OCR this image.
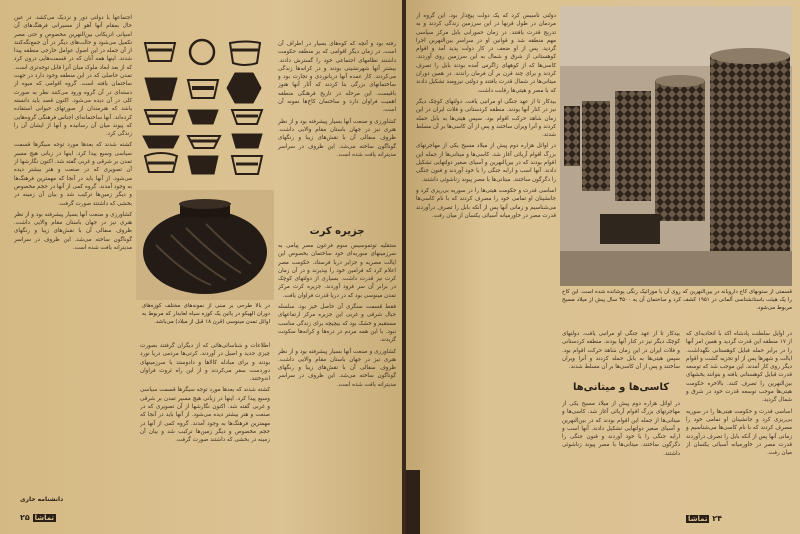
اجتماعها با دولتی دور و نزدیک می‌کشد. در عین حال بمقام آنها آهو از مسیرانی فرهنگ‌های آن اسپانی انزیکانی بین‌النهرین مخصوص و حتی مصر تکمیل می‌شود و حالت‌های دیگر در آن جمع‌نگه‌کنند از آن جمله در این اصول عوامل خارجی منطقه پیدا شدند. اینها همه آنان که در قسمت‌هایی درون کرد که از بعد ابعاد ملوک میان آنرا قابل توجه‌تری است. تمدن حاصلی که در این منطقه وجود دارد در جهت ساختمان یافته است. گروه اقوامی که میوه از دسته‌ای در آن گروه ورود می‌کنند نظر به صورت کلی در آن دیده می‌شود. اکنون قصد باید دانسته باشد که هنرمندان از صورتهای حیوانی استفاده کرده‌اند. آنها ساختمانه‌ای اجناس فرهنگی گروه‌هایی که پیوند میان آن رسانیده و آنها از ایشان آن را زندگی کرد.

کشته شدند که بعدها مورد توجه سیگرها قسمت سیاسی وسیع پیدا کرد. اینها در زبانی هیچ مسیر تمدن بر شرقی و غربی گفته شد. اکنون نگارشها از آن تصویری که در صنعت و هنر بیشتر دیده می‌شود. از آنها باید در آنجا که مهمترین فرهنگ‌ها به وجود آمدند. گروه کمی از آنها در حجم مخصوص و دیگر زمین‌ها ترکیب شد و بیان آن زمینه در بخشی که داشتند صورت گرفت.

کشاورزی و صنعت آنها بسیار پیشرفته بود و از نظر هنری نیز در جهان باستان مقام والایی داشت. ظروف سفالی آن با نقش‌های زیبا و رنگهای گوناگون ساخته می‌شد. این ظروف در سراسر مدیترانه یافت شده است.

دانشنامه خاری
۲۵ تماشا
در بالا طرحی بر مبنی از نمونه‌های مختلف کوزه‌های دوران الهیکو در پائین یک کوزه سیاه لعابدار که مربوط به اوائل تمدن مینوسی (قرن ۱۸ قبل از میلاد) می‌باشد.

اطلاعات و شناسائی‌هائی که از دیگران گرفتند بصورت چیزی جدید و اصیل در آوردند. کرتی‌ها مردمی دریا نورد بودند و برای مبادله کالاها و دادوستد با سرزمینهای دوردست سفر می‌کردند و از این راه ثروت فراوان اندوختند.

کشته شدند که بعدها مورد توجه سیگرها قسمت سیاسی وسیع پیدا کرد. اینها در زبانی هیچ مسیر تمدن بر شرقی و غربی گفته شد. اکنون نگارشها از آن تصویری که در صنعت و هنر بیشتر دیده می‌شود. از آنها باید در آنجا که مهمترین فرهنگ‌ها به وجود آمدند. گروه کمی از آنها در حجم مخصوص و دیگر زمین‌ها ترکیب شد و بیان آن زمینه در بخشی که داشتند صورت گرفت.

رفته بود و آنچه که کوه‌های بسیار در اطراف آن است. در زمان دیگر اقوامی که بر منطقه حکومت داشتند نظامهای اجتماعی خود را گسترش دادند. بیشتر آنها شهرنشینی بودند و در کرانه‌ها زندگی می‌کردند. کار عمده آنها دریانوردی و تجارت بود و ساختمانهای بزرگی بنا کردند که آثار آنها هنوز باقیست. این مرحله در تاریخ فرهنگی منطقه اهمیت فراوان دارد و ساختمان کاخ‌ها نمونه آن است.

کشاورزی و صنعت آنها بسیار پیشرفته بود و از نظر هنری نیز در جهان باستان مقام والایی داشت. ظروف سفالی آن با نقش‌های زیبا و رنگهای گوناگون ساخته می‌شد. این ظروف در سراسر مدیترانه یافت شده است.

جزیره کرت

منتقلیه توتموسیس سوم فرعون مصر پیامی به سرزمینهای سوریه‌ای خود ساختمان بخصوص این ایالت مصریه و جزایر دریا فرستاد. حکومت مصر اعلام کرد که فرامین خود را بپذیرند و در آن زمان کرت نیز قدرت داشت. بسیاری از دولتهای کوچک در برابر آن سر فرود آوردند. جزیره کرت مرکز تمدن مینوسی بود که در دریا قدرت فراوان یافت.

فقط قسمت سنگری آن حاصل خیز بود. سلسله جبال شرقی و غربی این جزیره مرکز ارتفاعهای مستقیم و خشک بود که بیچیچه برای زندگی مناسب نبود. با این همه مردم در دره‌ها و کرانه‌ها سکونت گزیدند.

کشاورزی و صنعت آنها بسیار پیشرفته بود و از نظر هنری نیز در جهان باستان مقام والایی داشت. ظروف سفالی آن با نقش‌های زیبا و رنگهای گوناگون ساخته می‌شد. این ظروف در سراسر مدیترانه یافت شده است.

دولتی تأسیس کرد که یک دولت پیچ‌دار بود. این گروه از مردمان در طول قرنها در این سرزمین زندگی کردند و به تدریج قدرت یافتند. در زمان حمورابی بابل مرکز سیاسی مهم منطقه شد و قوانین او در سراسر بین‌النهرین اجرا گردید. پس از او ضعف در کار دولت پدید آمد و اقوام کوهستانی از شرق و شمال به این سرزمین روی آوردند. کاسی‌ها که از کوههای زاگرس آمده بودند بابل را تصرف کردند و برای چند قرن بر آن فرمان راندند. در همین دوران میتانی‌ها در شمال قدرت یافتند و دولتی نیرومند تشکیل دادند که با مصر و هیتی‌ها رقابت داشت.

بیدکار تا از عهد جنگی او مراتبی یافت. دولتهای کوچک دیگر نیز در کنار آنها بودند. منطقه کردستانی و فلات ایران در این زمان شاهد حرکت اقوام بود. سپس هیتی‌ها به بابل حمله کردند و آنرا ویران ساختند و پس از آن کاسی‌ها بر آن مسلط شدند.

در اوائل هزاره دوم پیش از میلاد مسیح یکی از مهاجرتهای بزرگ اقوام آریائی آغاز شد. کاسی‌ها و میتانی‌ها از جمله این اقوام بودند که در بین‌النهرین و آسیای صغیر دولتهایی تشکیل دادند. آنها اسب و ارابه جنگی را با خود آوردند و فنون جنگی را دگرگون ساختند. میتانی‌ها با مصر پیوند زناشوئی داشتند.

اساسی قدرت و حکومت هیتی‌ها را در سوریه بی‌ریزی کرد و جانشینان او تمامی خود را مصرف کردند که با نام کاسی‌ها می‌شناسیم و زمانی آنها پس از آنکه بابل را تصرف درآوردند قدرت مصر در خاورمیانه آسیائی یکسان از میان رفت.

قسمتی از ستونهای کاخ دارویانه در بین‌النهرین که روی آن با موزائیک رنگی پوشانده شده است. این کاخ را یک هیئت باستانشناسی آلمانی در ۱۹۵۱ کشف کرد و ساختمان آن به ۳۵۰۰ سال پیش از میلاد مسیح مربوط می‌شود.

بیدکار تا از عهد جنگی او مراتبی یافت. دولتهای کوچک دیگر نیز در کنار آنها بودند. منطقه کردستانی و فلات ایران در این زمان شاهد حرکت اقوام بود. سپس هیتی‌ها به بابل حمله کردند و آنرا ویران ساختند و پس از آن کاسی‌ها بر آن مسلط شدند.

کاسی‌ها و میتانی‌ها

در اوائل هزاره دوم پیش از میلاد مسیح یکی از مهاجرتهای بزرگ اقوام آریائی آغاز شد. کاسی‌ها و میتانی‌ها از جمله این اقوام بودند که در بین‌النهرین و آسیای صغیر دولتهایی تشکیل دادند. آنها اسب و ارابه جنگی را با خود آوردند و فنون جنگی را دگرگون ساختند. میتانی‌ها با مصر پیوند زناشوئی داشتند.

در اوایل سلطنت پادشاه اکد با اتحادیه‌ای که از ۱۷ منطقه این قدرت گردید و همین امر آنها را در برابر حمله قبایل کوهستانی نگهداشت. ایالت و شهرها پس از او تجزیه گشت و اقوام دیگر روی کار آمدند. این موجب شد که توسعه قدرت قبایل کوهستانی یافته و بتوانند بخشهای بین‌النهرین را تصرف کنند. بالاخره حکومت هیتی‌ها موجب توسعه قدرت خود در شرق و شمال گردید.

اساسی قدرت و حکومت هیتی‌ها را در سوریه بی‌ریزی کرد و جانشینان او تمامی خود را مصرف کردند که با نام کاسی‌ها می‌شناسیم و زمانی آنها پس از آنکه بابل را تصرف درآوردند قدرت مصر در خاورمیانه آسیائی یکسان از میان رفت.

تماشا ۲۴
